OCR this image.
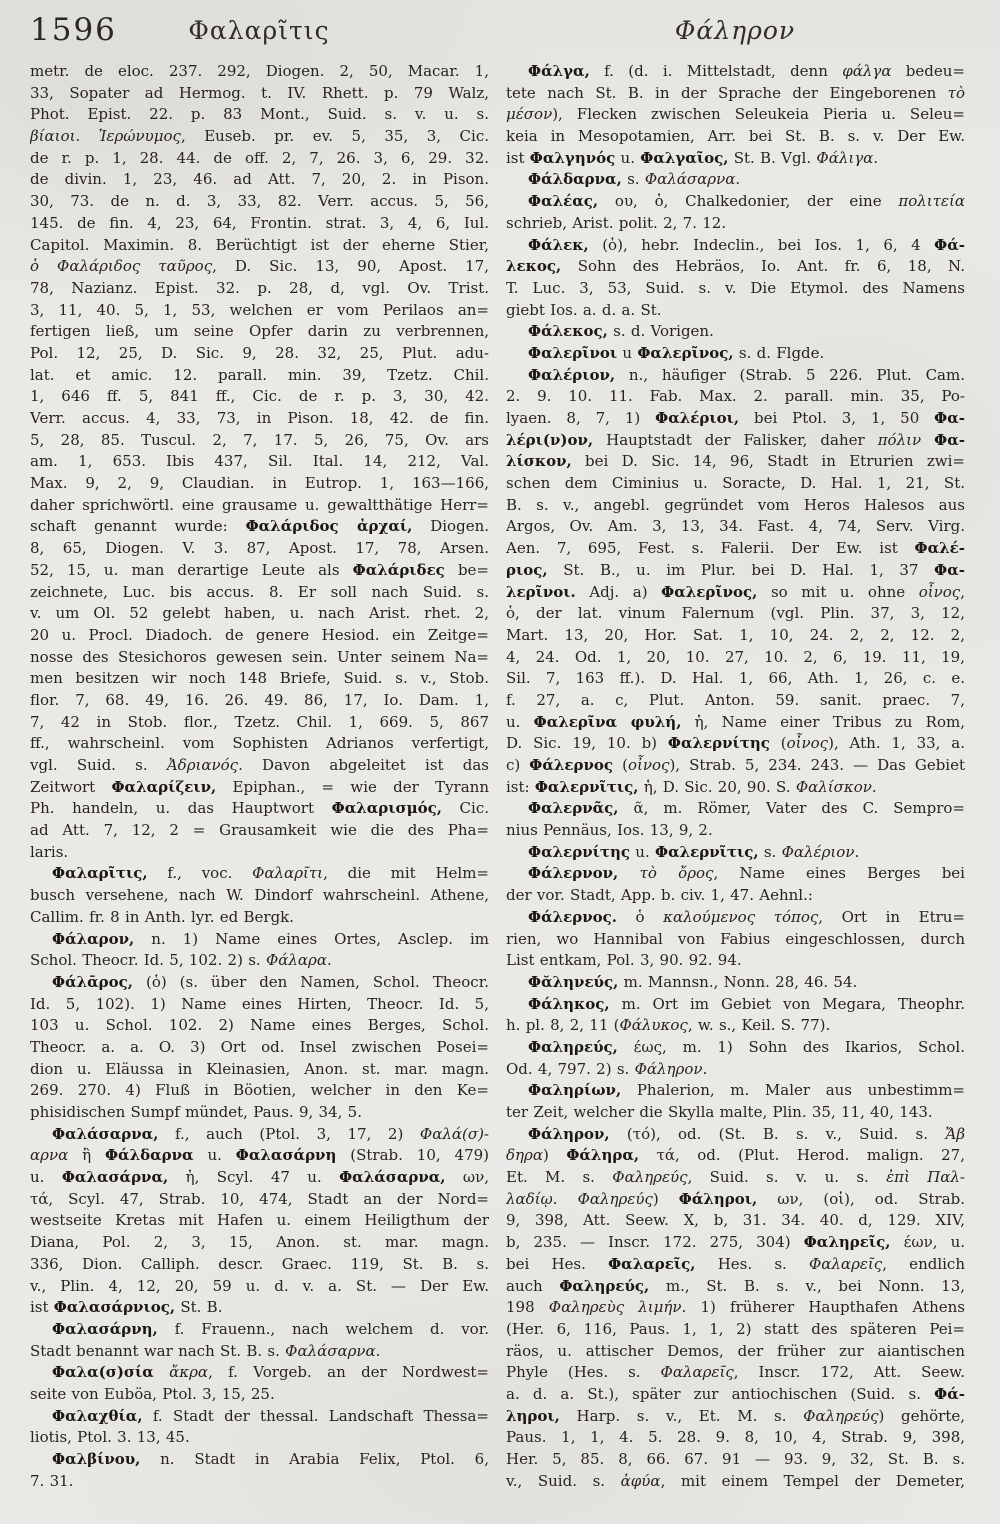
1596	Φαλαρῖτις	Φάληρον
metr. de eloc. 237. 292, Diogen. 2, 50, Macar. 1,
33, Sopater ad Hermog. t. IV. Rhett. p. 79 Walz,
Phot. Epist. 22. p. 83 Mont., Suid. s. v. u. s.
βίαιοι. Ἱερώνυμος, Euseb. pr. ev. 5, 35, 3, Cic.
de r. p. 1, 28. 44. de off. 2, 7, 26. 3, 6, 29. 32.
de divin. 1, 23, 46. ad Att. 7, 20, 2. in Pison.
30, 73. de n. d. 3, 33, 82. Verr. accus. 5, 56,
145. de fin. 4, 23, 64, Frontin. strat. 3, 4, 6, Iul.
Capitol. Maximin. 8. Berüchtigt ist der eherne Stier,
ὁ Φαλάριδος ταῦρος, D. Sic. 13, 90, Apost. 17,
78, Nazianz. Epist. 32. p. 28, d, vgl. Ov. Trist.
3, 11, 40. 5, 1, 53, welchen er vom Perilaos an=
fertigen ließ, um seine Opfer darin zu verbrennen,
Pol. 12, 25, D. Sic. 9, 28. 32, 25, Plut. adu-
lat. et amic. 12. parall. min. 39, Tzetz. Chil.
1, 646 ff. 5, 841 ff., Cic. de r. p. 3, 30, 42.
Verr. accus. 4, 33, 73, in Pison. 18, 42. de fin.
5, 28, 85. Tuscul. 2, 7, 17. 5, 26, 75, Ov. ars
am. 1, 653. Ibis 437, Sil. Ital. 14, 212, Val.
Max. 9, 2, 9, Claudian. in Eutrop. 1, 163—166,
daher sprichwörtl. eine grausame u. gewaltthätige Herr=
schaft genannt wurde: Φαλάριδος ἀρχαί, Diogen.
8, 65, Diogen. V. 3. 87, Apost. 17, 78, Arsen.
52, 15, u. man derartige Leute als Φαλάριδες be=
zeichnete, Luc. bis accus. 8. Er soll nach Suid. s.
v. um Ol. 52 gelebt haben, u. nach Arist. rhet. 2,
20 u. Procl. Diadoch. de genere Hesiod. ein Zeitge=
nosse des Stesichoros gewesen sein. Unter seinem Na=
men besitzen wir noch 148 Briefe, Suid. s. v., Stob.
flor. 7, 68. 49, 16. 26. 49. 86, 17, Io. Dam. 1,
7, 42 in Stob. flor., Tzetz. Chil. 1, 669. 5, 867
ff., wahrscheinl. vom Sophisten Adrianos verfertigt,
vgl. Suid. s. Ἀδριανός. Davon abgeleitet ist das
Zeitwort Φαλαρίζειν, Epiphan., = wie der Tyrann
Ph. handeln, u. das Hauptwort Φαλαρισμός, Cic.
ad Att. 7, 12, 2 = Grausamkeit wie die des Pha=
laris.
Φαλαρῖτις, f., voc. Φαλαρῖτι, die mit Helm=
busch versehene, nach W. Dindorf wahrscheinl. Athene,
Callim. fr. 8 in Anth. lyr. ed Bergk.
Φάλαρον, n. 1) Name eines Ortes, Asclep. im
Schol. Theocr. Id. 5, 102. 2) s. Φάλαρα.
Φάλᾱρος, (ὁ) (s. über den Namen, Schol. Theocr.
Id. 5, 102). 1) Name eines Hirten, Theocr. Id. 5,
103 u. Schol. 102. 2) Name eines Berges, Schol.
Theocr. a. a. O. 3) Ort od. Insel zwischen Posei=
dion u. Eläussa in Kleinasien, Anon. st. mar. magn.
269. 270. 4) Fluß in Böotien, welcher in den Ke=
phisidischen Sumpf mündet, Paus. 9, 34, 5.
Φαλάσαρνα, f., auch (Ptol. 3, 17, 2) Φαλά(σ)-
αρνα ἢ Φάλδαρνα u. Φαλασάρνη (Strab. 10, 479)
u. Φαλασάρνα, ἡ, Scyl. 47 u. Φαλάσαρνα, ων,
τά, Scyl. 47, Strab. 10, 474, Stadt an der Nord=
westseite Kretas mit Hafen u. einem Heiligthum der
Diana, Pol. 2, 3, 15, Anon. st. mar. magn.
336, Dion. Calliph. descr. Graec. 119, St. B. s.
v., Plin. 4, 12, 20, 59 u. d. v. a. St. — Der Ew.
ist Φαλασάρνιος, St. B.
Φαλασάρνη, f. Frauenn., nach welchem d. vor.
Stadt benannt war nach St. B. s. Φαλάσαρνα.
Φαλα(σ)σία ἄκρα, f. Vorgeb. an der Nordwest=
seite von Euböa, Ptol. 3, 15, 25.
Φαλαχθία, f. Stadt der thessal. Landschaft Thessa=
liotis, Ptol. 3. 13, 45.
Φαλβίνου, n. Stadt in Arabia Felix, Ptol. 6,
7. 31.
Φάλγα, f. (d. i. Mittelstadt, denn φάλγα bedeu=
tete nach St. B. in der Sprache der Eingeborenen τὸ
μέσον), Flecken zwischen Seleukeia Pieria u. Seleu=
keia in Mesopotamien, Arr. bei St. B. s. v. Der Ew.
ist Φαλγηνός u. Φαλγαῖος, St. B. Vgl. Φάλιγα.
Φάλδαρνα, s. Φαλάσαρνα.
Φαλέας, ου, ὁ, Chalkedonier, der eine πολιτεία
schrieb, Arist. polit. 2, 7. 12.
Φάλεκ, (ὁ), hebr. Indeclin., bei Ios. 1, 6, 4 Φά-
λεκος, Sohn des Hebräos, Io. Ant. fr. 6, 18, N.
T. Luc. 3, 53, Suid. s. v. Die Etymol. des Namens
giebt Ios. a. d. a. St.
Φάλεκος, s. d. Vorigen.
Φαλερῖνοι u Φαλερῖνος, s. d. Flgde.
Φαλέριον, n., häufiger (Strab. 5 226. Plut. Cam.
2. 9. 10. 11. Fab. Max. 2. parall. min. 35, Po-
lyaen. 8, 7, 1) Φαλέριοι, bei Ptol. 3, 1, 50 Φα-
λέρι(ν)ον, Hauptstadt der Falisker, daher πόλιν Φα-
λίσκον, bei D. Sic. 14, 96, Stadt in Etrurien zwi=
schen dem Ciminius u. Soracte, D. Hal. 1, 21, St.
B. s. v., angebl. gegründet vom Heros Halesos aus
Argos, Ov. Am. 3, 13, 34. Fast. 4, 74, Serv. Virg.
Aen. 7, 695, Fest. s. Falerii. Der Ew. ist Φαλέ-
ριος, St. B., u. im Plur. bei D. Hal. 1, 37 Φα-
λερῖνοι. Adj. a) Φαλερῖνος, so mit u. ohne οἶνος,
ὁ, der lat. vinum Falernum (vgl. Plin. 37, 3, 12,
Mart. 13, 20, Hor. Sat. 1, 10, 24. 2, 2, 12. 2,
4, 24. Od. 1, 20, 10. 27, 10. 2, 6, 19. 11, 19,
Sil. 7, 163 ff.). D. Hal. 1, 66, Ath. 1, 26, c. e.
f. 27, a. c, Plut. Anton. 59. sanit. praec. 7,
u. Φαλερῖνα φυλή, ἡ, Name einer Tribus zu Rom,
D. Sic. 19, 10. b) Φαλερνίτης (οἶνος), Ath. 1, 33, a.
c) Φάλερνος (οἶνος), Strab. 5, 234. 243. — Das Gebiet
ist: Φαλερνῖτις, ἡ, D. Sic. 20, 90. S. Φαλίσκον.
Φαλερνᾶς, ᾶ, m. Römer, Vater des C. Sempro=
nius Pennäus, Ios. 13, 9, 2.
Φαλερνίτης u. Φαλερνῖτις, s. Φαλέριον.
Φάλερνον, τὸ ὄρος, Name eines Berges bei
der vor. Stadt, App. b. civ. 1, 47. Aehnl.:
Φάλερνος. ὁ καλούμενος τόπος, Ort in Etru=
rien, wo Hannibal von Fabius eingeschlossen, durch
List entkam, Pol. 3, 90. 92. 94.
Φᾰληνεύς, m. Mannsn., Nonn. 28, 46. 54.
Φάληκος, m. Ort im Gebiet von Megara, Theophr.
h. pl. 8, 2, 11 (Φάλυκος, w. s., Keil. S. 77).
Φαληρεύς, έως, m. 1) Sohn des Ikarios, Schol.
Od. 4, 797. 2) s. Φάληρον.
Φαληρίων, Phalerion, m. Maler aus unbestimm=
ter Zeit, welcher die Skylla malte, Plin. 35, 11, 40, 143.
Φάληρον, (τό), od. (St. B. s. v., Suid. s. Ἄβ
δηρα) Φάληρα, τά, od. (Plut. Herod. malign. 27,
Et. M. s. Φαληρεύς, Suid. s. v. u. s. ἐπὶ Παλ-
λαδίῳ. Φαληρεύς) Φάληροι, ων, (οἱ), od. Strab.
9, 398, Att. Seew. X, b, 31. 34. 40. d, 129. XIV,
b, 235. — Inscr. 172. 275, 304) Φαληρεῖς, έων, u.
bei Hes. Φαλαρεῖς, Hes. s. Φαλαρεῖς, endlich
auch Φαληρεύς, m., St. B. s. v., bei Nonn. 13,
198 Φαληρεὺς λιμήν. 1) früherer Haupthafen Athens
(Her. 6, 116, Paus. 1, 1, 2) statt des späteren Pei=
räos, u. attischer Demos, der früher zur aiantischen
Phyle (Hes. s. Φαλαρεῖς, Inscr. 172, Att. Seew.
a. d. a. St.), später zur antiochischen (Suid. s. Φά-
ληροι, Harp. s. v., Et. M. s. Φαληρεύς) gehörte,
Paus. 1, 1, 4. 5. 28. 9. 8, 10, 4, Strab. 9, 398,
Her. 5, 85. 8, 66. 67. 91 — 93. 9, 32, St. B. s.
v., Suid. s. ἀφύα, mit einem Tempel der Demeter,
